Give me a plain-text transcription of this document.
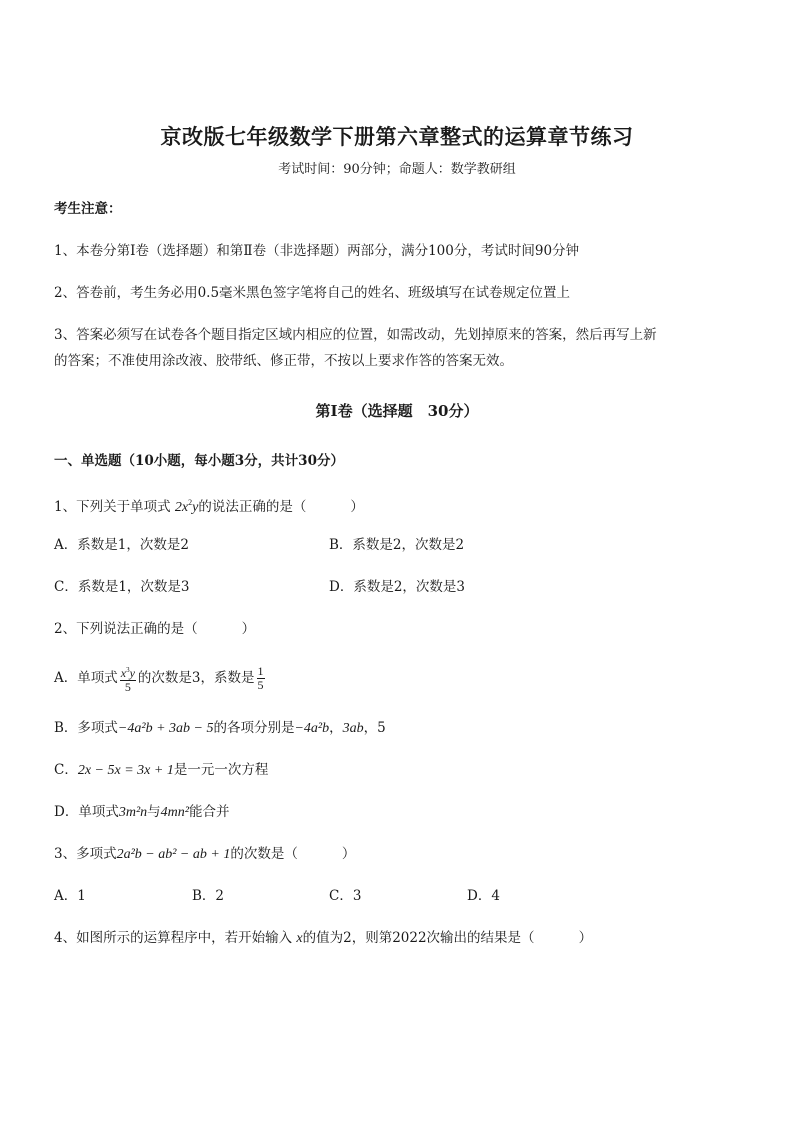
京改版七年级数学下册第六章整式的运算章节练习
考试时间：90分钟；命题人：数学教研组
考生注意：
1、本卷分第Ⅰ卷（选择题）和第Ⅱ卷（非选择题）两部分，满分100分，考试时间90分钟
2、答卷前，考生务必用0.5毫米黑色签字笔将自己的姓名、班级填写在试卷规定位置上
3、答案必须写在试卷各个题目指定区域内相应的位置，如需改动，先划掉原来的答案，然后再写上新
的答案；不准使用涂改液、胶带纸、修正带，不按以上要求作答的答案无效。
第Ⅰ卷（选择题　30分）
一、单选题（10小题，每小题3分，共计30分）
1、下列关于单项式 $2x^2y$的说法正确的是（	）
A．系数是1，次数是2	B．系数是2，次数是2
C．系数是1，次数是3	D．系数是2，次数是3
2、下列说法正确的是（	）
A．单项式 $\frac{x^3y}{5}$ 的次数是3，系数是 $\frac{1}{5}$
B．多项式−4a²b + 3ab − 5的各项分别是−4a²b，3ab，5
C．2x − 5x = 3x + 1是一元一次方程
D．单项式3m²n与4mn²能合并
3、多项式2a²b − ab² − ab + 1的次数是（	）
A．1	B．2	C．3	D．4
4、如图所示的运算程序中，若开始输入 x的值为2，则第2022次输出的结果是（	）
